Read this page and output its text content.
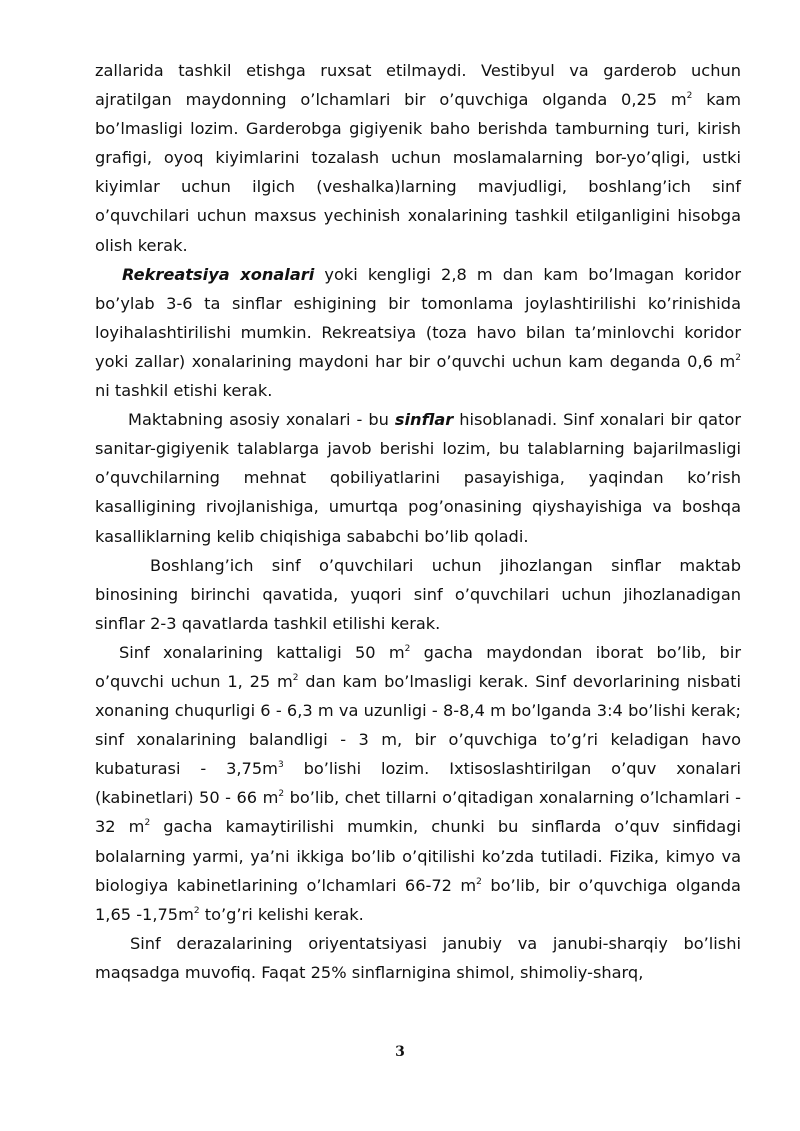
zallarida tashkil etishga ruxsat etilmaydi. Vestibyul va garderob uchun ajratilgan maydonning o’lchamlari bir o’quvchiga olganda 0,25 $m^2$ kam bo’lmasligi lozim. Garderobga gigiyenik baho berishda tamburning turi, kirish grafigi, oyoq kiyimlarini tozalash uchun moslamalarning bor-yo’qligi, ustki kiyimlar uchun ilgich (veshalka)larning mavjudligi, boshlang’ich sinf o’quvchilari uchun maxsus yechinish xonalarining tashkil etilganligini hisobga olish kerak.

Rekreatsiya xonalari yoki kengligi 2,8 m dan kam bo’lmagan koridor bo’ylab 3-6 ta sinflar eshigining bir tomonlama joylashtirilishi ko’rinishida loyihalashtirilishi mumkin. Rekreatsiya (toza havo bilan ta’minlovchi koridor yoki zallar) xonalarining maydoni har bir o’quvchi uchun kam deganda 0,6 $m^2$ ni tashkil etishi kerak.

Maktabning asosiy xonalari - bu sinflar hisoblanadi. Sinf xonalari bir qator sanitar-gigiyenik talablarga javob berishi lozim, bu talablarning bajarilmasligi o’quvchilarning mehnat qobiliyatlarini pasayishiga, yaqindan ko’rish kasalligining rivojlanishiga, umurtqa pog’onasining qiyshayishiga va boshqa kasalliklarning kelib chiqishiga sababchi bo’lib qoladi.

Boshlang’ich sinf o’quvchilari uchun jihozlangan sinflar maktab binosining birinchi qavatida, yuqori sinf o’quvchilari uchun jihozlanadigan sinflar 2-3 qavatlarda tashkil etilishi kerak.

Sinf xonalarining kattaligi 50 $m^2$ gacha maydondan iborat bo’lib, bir o’quvchi uchun 1, 25 $m^2$ dan kam bo’lmasligi kerak. Sinf devorlarining nisbati xonaning chuqurligi 6 - 6,3 m va uzunligi - 8-8,4 m bo’lganda 3:4 bo’lishi kerak; sinf xonalarining balandligi - 3 m, bir o’quvchiga to’g’ri keladigan havo kubaturasi - $3,75m^3$ bo’lishi lozim. Ixtisoslashtirilgan o’quv xonalari (kabinetlari) 50 - 66 $m^2$ bo’lib, chet tillarni o’qitadigan xonalarning o’lchamlari - 32 $m^2$ gacha kamaytirilishi mumkin, chunki bu sinflarda o’quv sinfidagi bolalarning yarmi, ya’ni ikkiga bo’lib o’qitilishi ko’zda tutiladi. Fizika, kimyo va biologiya kabinetlarining o’lchamlari 66-72 $m^2$ bo’lib, bir o’quvchiga olganda 1,65 $-1,75m^2$ to’g’ri kelishi kerak.

Sinf derazalarining oriyentatsiyasi janubiy va janubi-sharqiy bo’lishi maqsadga muvofiq. Faqat 25% sinflarnigina shimol, shimoliy-sharq,

3
